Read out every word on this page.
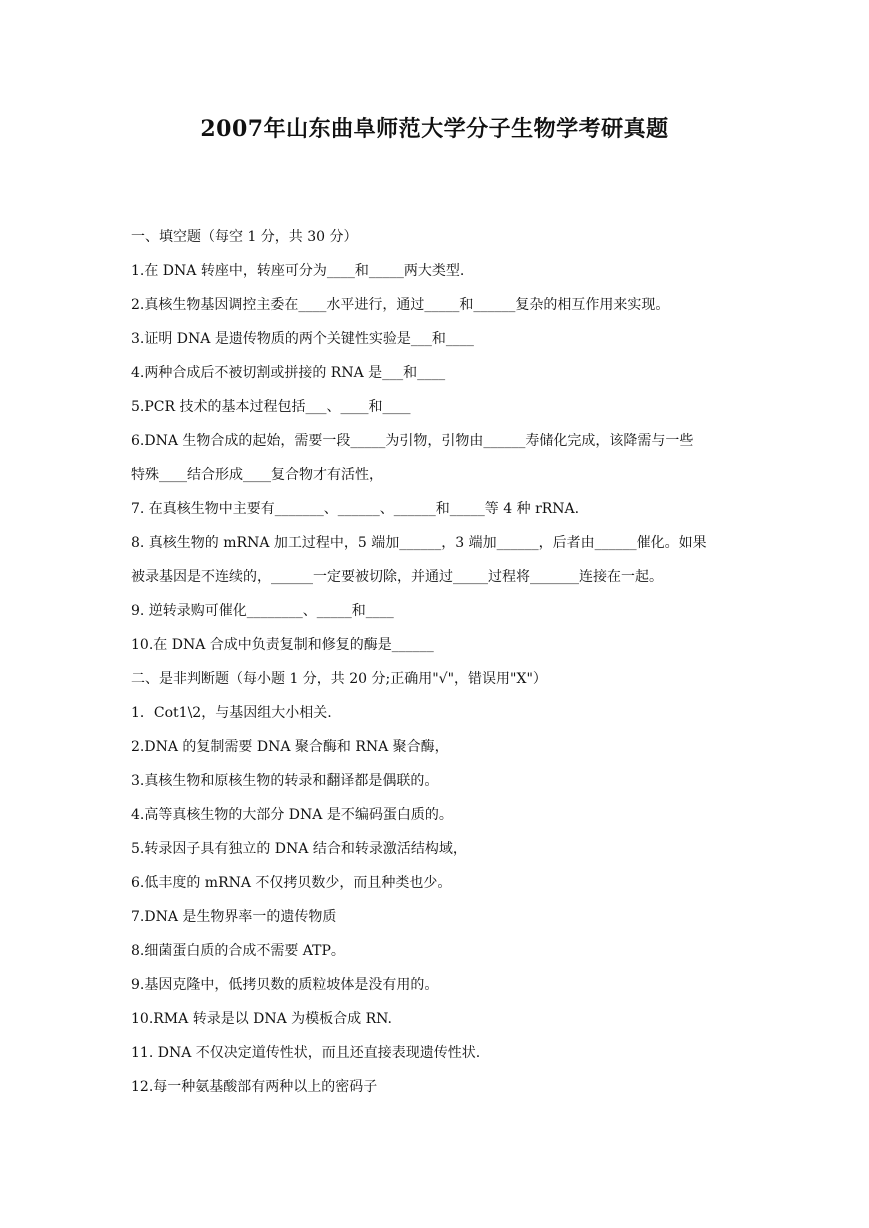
2007年山东曲阜师范大学分子生物学考研真题
一、填空题（每空 1 分，共 30 分）
1.在 DNA 转座中，转座可分为____和_____两大类型.
2.真核生物基因调控主委在____水平进行，通过_____和______复杂的相互作用来实现。
3.证明 DNA 是遗传物质的两个关键性实验是___和____
4.两种合成后不被切割或拼接的 RNA 是___和____
5.PCR 技术的基本过程包括___、____和____
6.DNA 生物合成的起始，需要一段_____为引物，引物由______寿储化完成，该降需与一些
特殊____结合形成____复合物才有活性，
7. 在真核生物中主要有_______、______、______和_____等 4 种 rRNA.
8. 真核生物的 mRNA 加工过程中，5 端加______，3 端加______，后者由______催化。如果
被录基因是不连续的，______一定要被切除，并通过_____过程将_______连接在一起。
9. 逆转录购可催化________、_____和____
10.在 DNA 合成中负责复制和修复的酶是______
二、是非判断题（每小题 1 分，共 20 分;正确用"√"，错误用"X"）
1．Cot1\2，与基因组大小相关.
2.DNA 的复制需要 DNA 聚合酶和 RNA 聚合酶，
3.真核生物和原核生物的转录和翻译都是偶联的。
4.高等真核生物的大部分 DNA 是不编码蛋白质的。
5.转录因子具有独立的 DNA 结合和转录激活结构域，
6.低丰度的 mRNA 不仅拷贝数少，而且种类也少。
7.DNA 是生物界率一的遗传物质
8.细菌蛋白质的合成不需要 ATP。
9.基因克隆中，低拷贝数的质粒坡体是没有用的。
10.RMA 转录是以 DNA 为模板合成 RN.
11. DNA 不仅决定道传性状，而且还直接表现遗传性状.
12.每一种氨基酸部有两种以上的密码子
